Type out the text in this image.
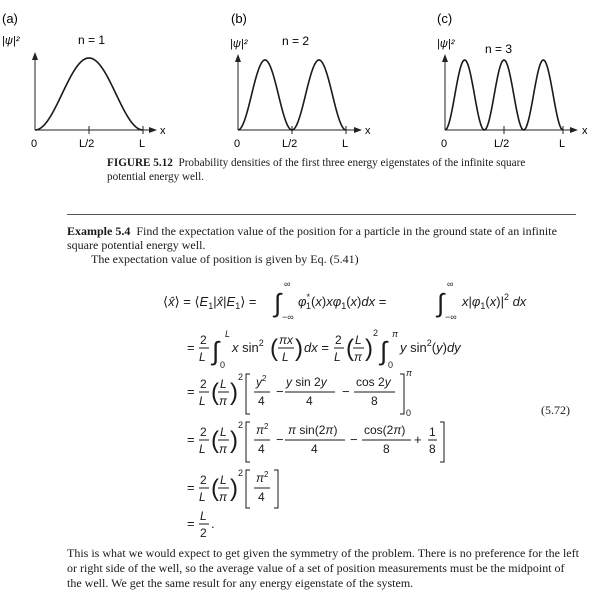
(a)
|ψ|²	n = 1
0	L/2	L
x
(b)
|ψ|²	n = 2
0	L/2	L
x
(c)
|ψ|²	n = 3
0	L/2	L
x
FIGURE 5.12 Probability densities of the first three energy eigenstates of the infinite square potential energy well.
Example 5.4 Find the expectation value of the position for a particle in the ground state of an infinite square potential energy well.
The expectation value of position is given by Eq. (5.41)
⟨x̂⟩ = $⟨E_1|x̂|E_1⟩$ = ∫
∞
−∞
φ* $1(x)x\varphi_1(x)dx$ = ∫
∞
−∞
$x|\varphi_1(x)|^2$ dx
= 2
L ∫
L
0
x $\sin^2$ ( πx
L ) dx = 2
L ( L
π )
2
∫
π
0
y $\sin^2(y)dy$
= 2
L ( L
π )
2 $y^2$
4
−
y sin 2y
4
−
cos 2y
8
π
0
= 2
L ( L
π )
2 $\pi^2$
4
−
π sin(2π)
4
−
cos(2π)
8
+ 1
8
= 2
L ( L
π )
2 $\pi^2$
4
= L
2
.
(5.72)
This is what we would expect to get given the symmetry of the problem. There is no preference for the left or right side of the well, so the average value of a set of position measurements must be the midpoint of the well. We get the same result for any energy eigenstate of the system.
